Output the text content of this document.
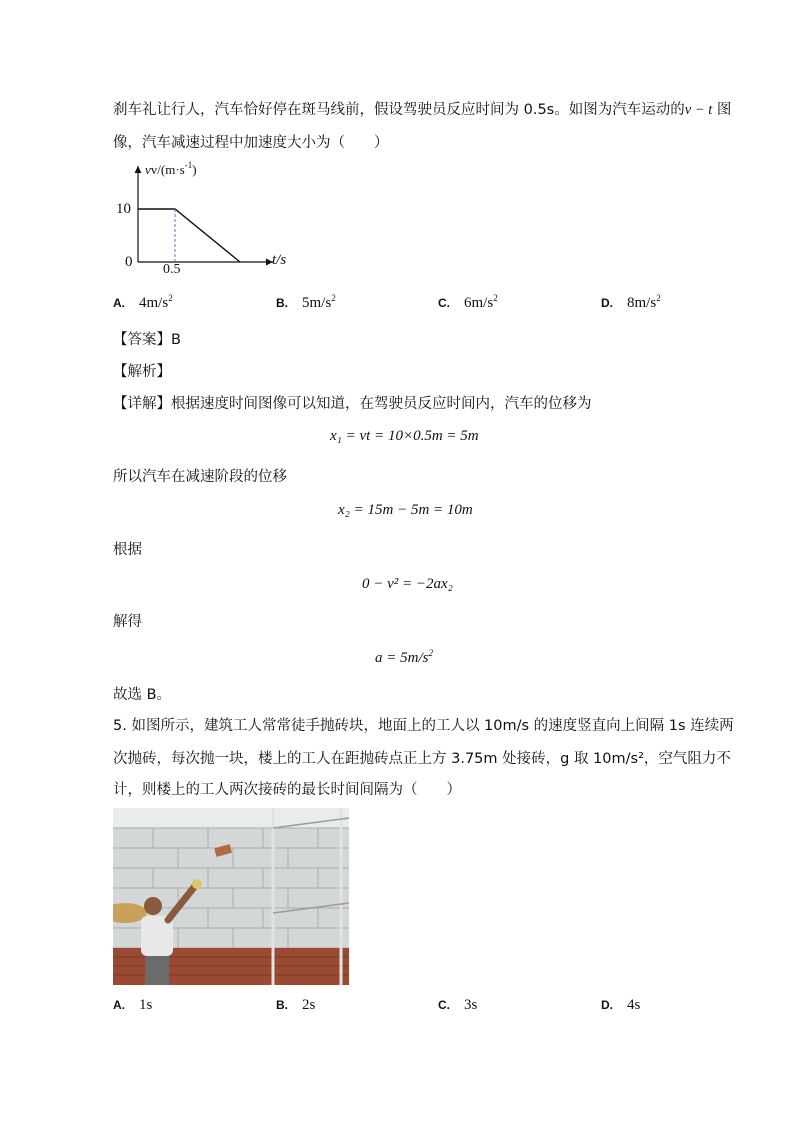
刹车礼让行人，汽车恰好停在斑马线前，假设驾驶员反应时间为 0.5s。如图为汽车运动的v − t 图
像，汽车减速过程中加速度大小为（　　）
$vv/(m\cdot s^{-1})$
10
0 0.5
t/s
A. $4m/s^2$	B. $5m/s^2$	C. $6m/s^2$	D. $8m/s^2$
【答案】B
【解析】
【详解】根据速度时间图像可以知道，在驾驶员反应时间内，汽车的位移为
x₁ = vt = 10×0.5m = 5m
所以汽车在减速阶段的位移
x₂ = 15m − 5m = 10m
根据
0 − v² = −2ax₂
解得
$a = 5m/s^2$
故选 B。
5. 如图所示，建筑工人常常徒手抛砖块，地面上的工人以 10m/s 的速度竖直向上间隔 1s 连续两
次抛砖，每次抛一块，楼上的工人在距抛砖点正上方 3.75m 处接砖，g 取 10m/s²，空气阻力不
计，则楼上的工人两次接砖的最长时间间隔为（　　）
A. 1s	B. 2s	C. 3s	D. 4s
